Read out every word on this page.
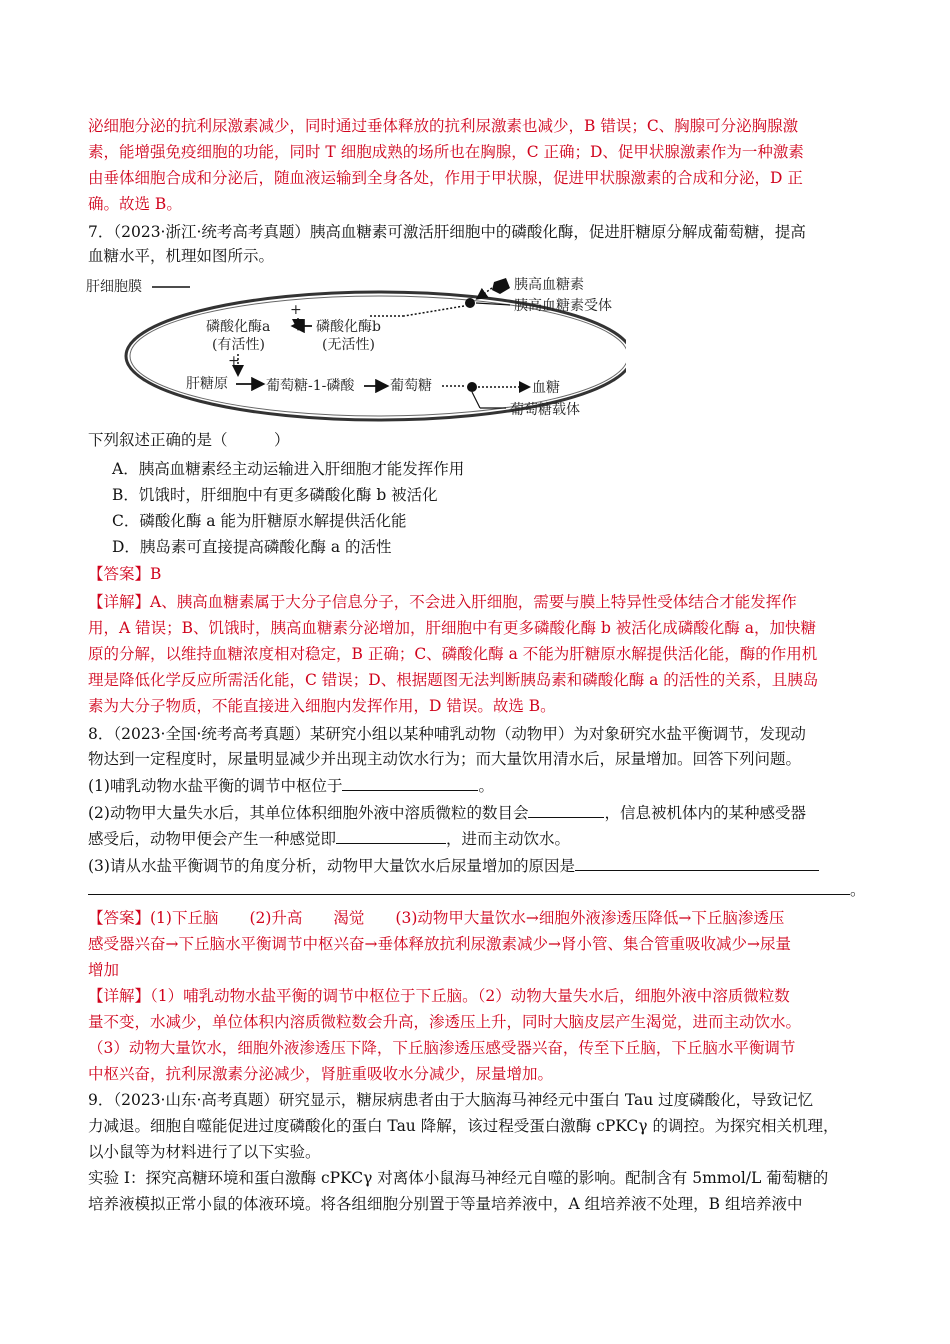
泌细胞分泌的抗利尿激素减少，同时通过垂体释放的抗利尿激素也减少，B 错误；C、胸腺可分泌胸腺激
素，能增强免疫细胞的功能，同时 T 细胞成熟的场所也在胸腺，C 正确；D、促甲状腺激素作为一种激素
由垂体细胞合成和分泌后，随血液运输到全身各处，作用于甲状腺，促进甲状腺激素的合成和分泌，D 正
确。故选 B。
7．（2023·浙江·统考高考真题）胰高血糖素可激活肝细胞中的磷酸化酶，促进肝糖原分解成葡萄糖，提高
血糖水平，机理如图所示。
肝细胞膜	胰高血糖素
胰高血糖素受体
+
磷酸化酶a
(有活性)
磷酸化酶b
(无活性)
+
肝糖原	葡萄糖-1-磷酸	葡萄糖	血糖
葡萄糖载体
下列叙述正确的是（　　　）
A．胰高血糖素经主动运输进入肝细胞才能发挥作用
B．饥饿时，肝细胞中有更多磷酸化酶 b 被活化
C．磷酸化酶 a 能为肝糖原水解提供活化能
D．胰岛素可直接提高磷酸化酶 a 的活性
【答案】B
【详解】A、胰高血糖素属于大分子信息分子，不会进入肝细胞，需要与膜上特异性受体结合才能发挥作
用，A 错误；B、饥饿时，胰高血糖素分泌增加，肝细胞中有更多磷酸化酶 b 被活化成磷酸化酶 a，加快糖
原的分解，以维持血糖浓度相对稳定，B 正确；C、磷酸化酶 a 不能为肝糖原水解提供活化能，酶的作用机
理是降低化学反应所需活化能，C 错误；D、根据题图无法判断胰岛素和磷酸化酶 a 的活性的关系，且胰岛
素为大分子物质，不能直接进入细胞内发挥作用，D 错误。故选 B。
8．（2023·全国·统考高考真题）某研究小组以某种哺乳动物（动物甲）为对象研究水盐平衡调节，发现动
物达到一定程度时，尿量明显减少并出现主动饮水行为；而大量饮用清水后，尿量增加。回答下列问题。
(1)哺乳动物水盐平衡的调节中枢位于	。
(2)动物甲大量失水后，其单位体积细胞外液中溶质微粒的数目会	，信息被机体内的某种感受器
感受后，动物甲便会产生一种感觉即	，进而主动饮水。
(3)请从水盐平衡调节的角度分析，动物甲大量饮水后尿量增加的原因是
。
【答案】(1)下丘脑　　(2)升高　　渴觉　　(3)动物甲大量饮水→细胞外液渗透压降低→下丘脑渗透压
感受器兴奋→下丘脑水平衡调节中枢兴奋→垂体释放抗利尿激素减少→肾小管、集合管重吸收减少→尿量
增加
【详解】（1）哺乳动物水盐平衡的调节中枢位于下丘脑。（2）动物大量失水后，细胞外液中溶质微粒数
量不变，水减少，单位体积内溶质微粒数会升高，渗透压上升，同时大脑皮层产生渴觉，进而主动饮水。
（3）动物大量饮水，细胞外液渗透压下降，下丘脑渗透压感受器兴奋，传至下丘脑，下丘脑水平衡调节
中枢兴奋，抗利尿激素分泌减少，肾脏重吸收水分减少，尿量增加。
9．（2023·山东·高考真题）研究显示，糖尿病患者由于大脑海马神经元中蛋白 Tau 过度磷酸化，导致记忆
力减退。细胞自噬能促进过度磷酸化的蛋白 Tau 降解，该过程受蛋白激酶 cPKCγ 的调控。为探究相关机理，
以小鼠等为材料进行了以下实验。
实验 I：探究高糖环境和蛋白激酶 cPKCγ 对离体小鼠海马神经元自噬的影响。配制含有 5mmol/L 葡萄糖的
培养液模拟正常小鼠的体液环境。将各组细胞分别置于等量培养液中，A 组培养液不处理，B 组培养液中
